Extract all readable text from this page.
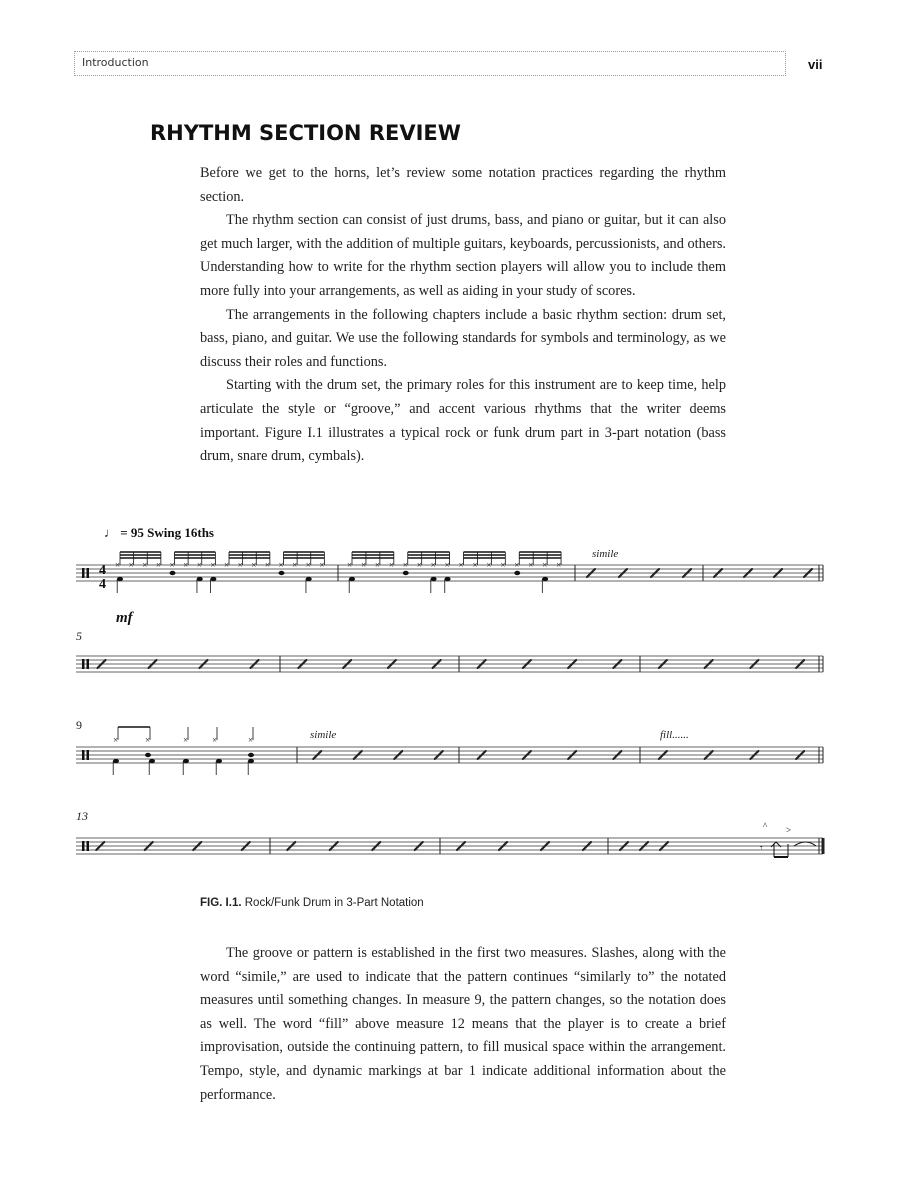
Introduction	vii
RHYTHM SECTION REVIEW

Before we get to the horns, let’s review some notation practices regarding the rhythm section.

The rhythm section can consist of just drums, bass, and piano or guitar, but it can also get much larger, with the addition of multiple guitars, keyboards, percussionists, and others. Understanding how to write for the rhythm section players will allow you to include them more fully into your arrangements, as well as aiding in your study of scores.

The arrangements in the following chapters include a basic rhythm section: drum set, bass, piano, and guitar. We use the following standards for symbols and terminology, as we discuss their roles and functions.

Starting with the drum set, the primary roles for this instrument are to keep time, help articulate the style or “groove,” and accent various rhythms that the writer deems important. Figure I.1 illustrates a typical rock or funk drum part in 3-part notation (bass drum, snare drum, cymbals).

× × × × × × × × × × × × × × × ×	× × × × × × × × × × × × × × × ×
×	×	×	×	×
♩ = 95 Swing 16ths
mf
4
4
5
9
13
simile
simile	fill......
𝄾
^ >
FIG. I.1. Rock/Funk Drum in 3-Part Notation

The groove or pattern is established in the first two measures. Slashes, along with the word “simile,” are used to indicate that the pattern continues “similarly to” the notated measures until something changes. In measure 9, the pattern changes, so the notation does as well. The word “fill” above measure 12 means that the player is to create a brief improvisation, outside the continuing pattern, to fill musical space within the arrangement. Tempo, style, and dynamic markings at bar 1 indicate additional information about the performance.
